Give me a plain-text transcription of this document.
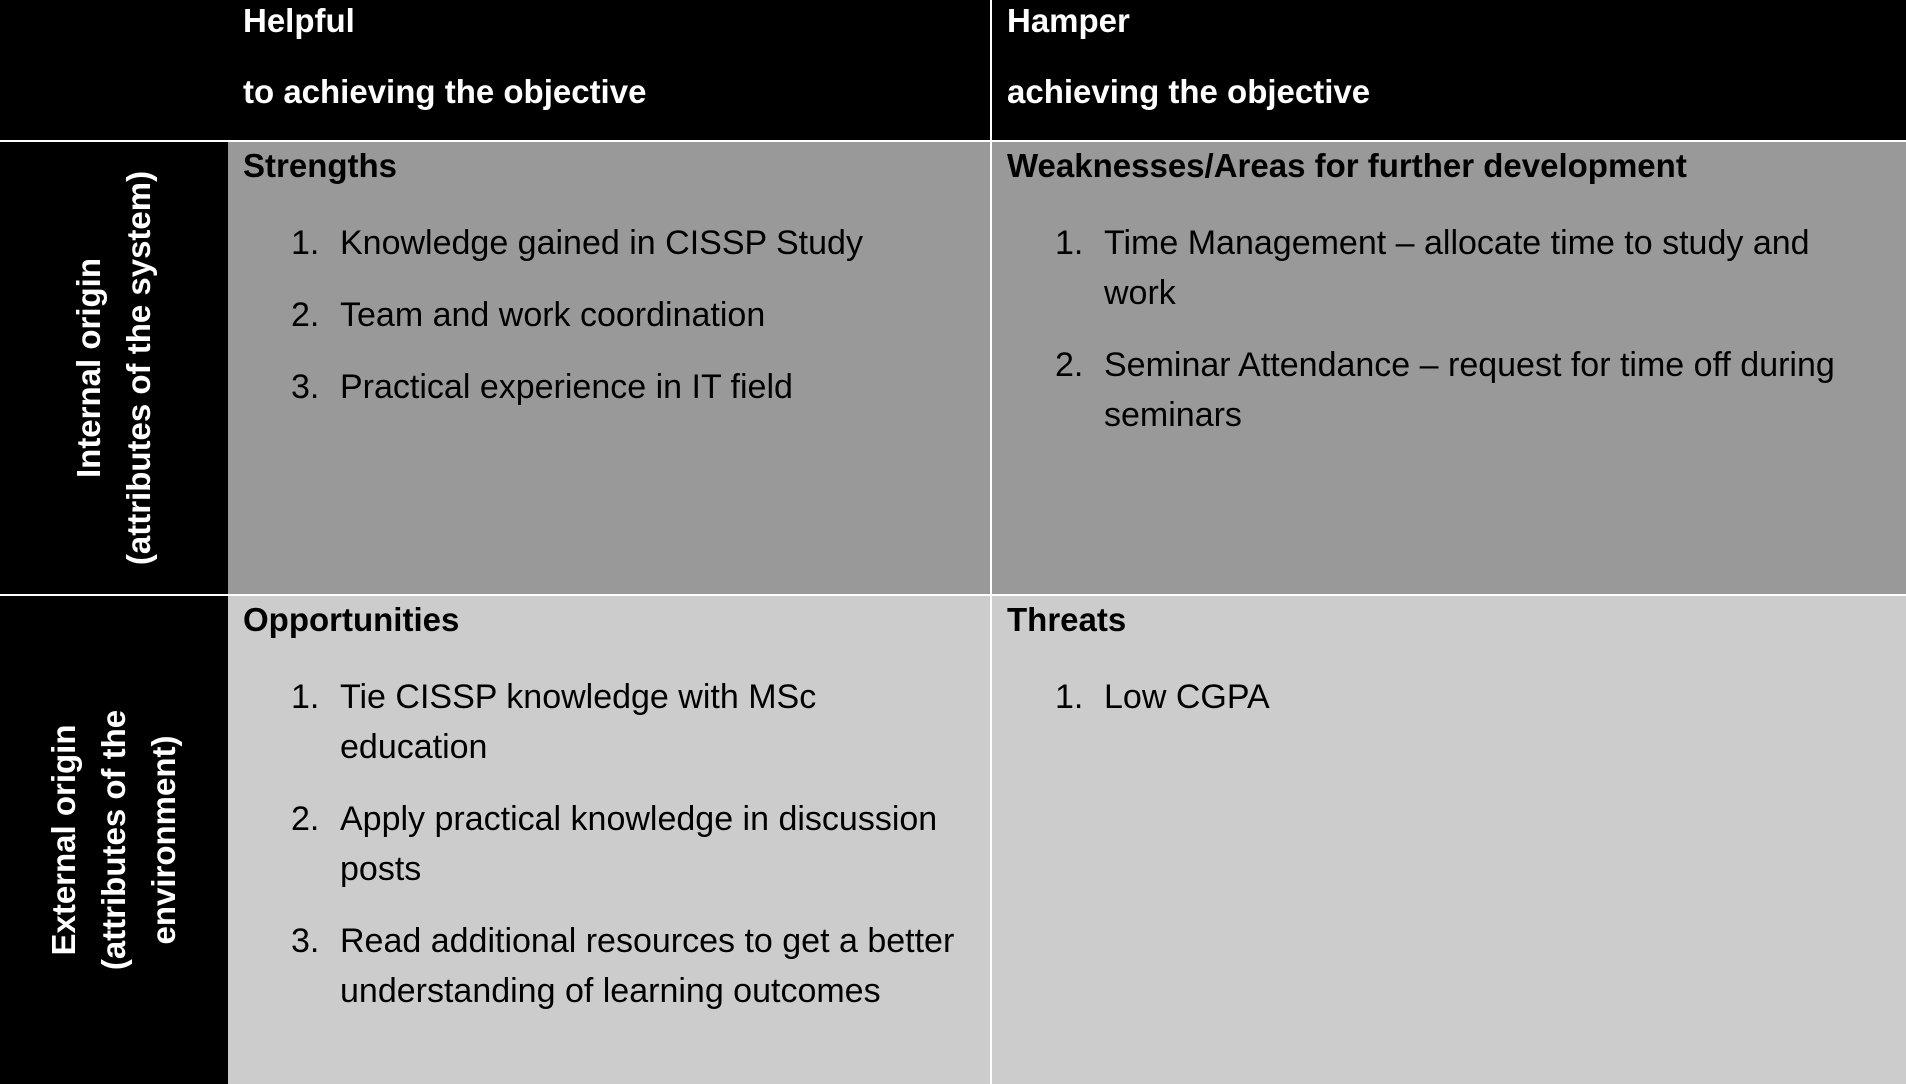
Helpful
to achieving the objective
Hamper
achieving the objective
Internal origin (attributes of the system)

Strengths

1. Knowledge gained in CISSP Study
2. Team and work coordination
3. Practical experience in IT field

Weaknesses/Areas for further development

1. Time Management – allocate time to study and work
2. Seminar Attendance – request for time off during seminars
External origin (attributes of the environment)

Opportunities

1. Tie CISSP knowledge with MSc education
2. Apply practical knowledge in discussion posts
3. Read additional resources to get a better understanding of learning outcomes

Threats

1. Low CGPA
